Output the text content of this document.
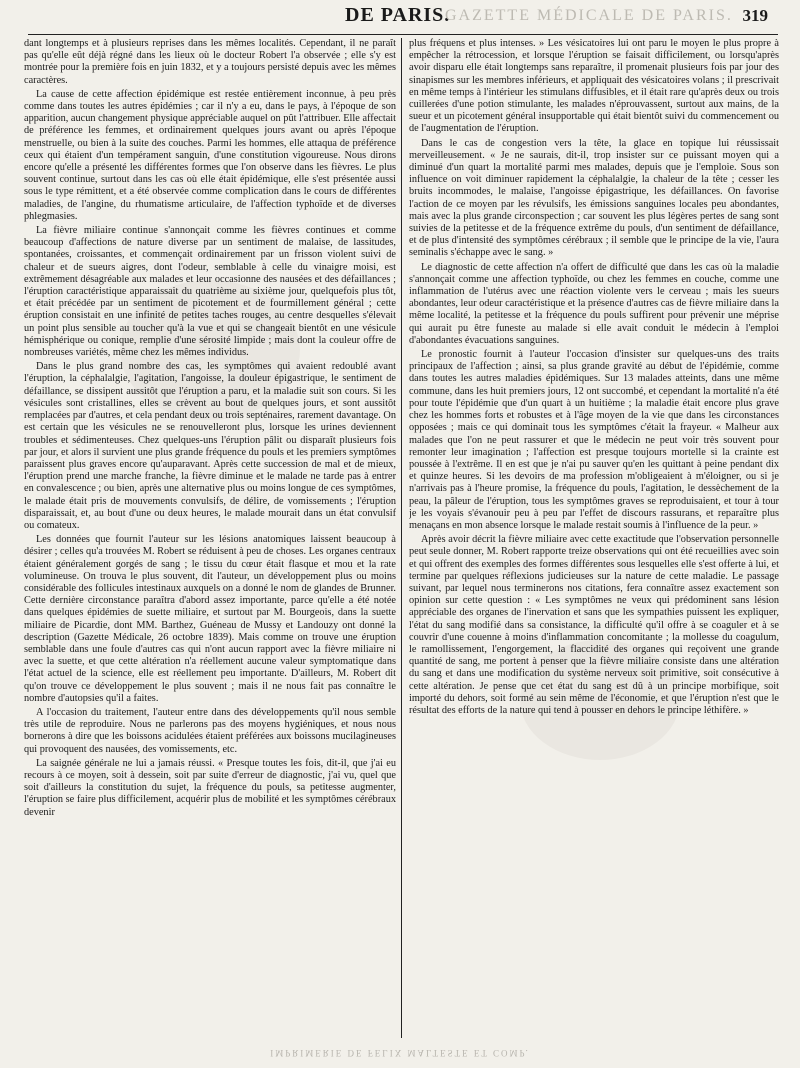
DE PARIS.
GAZETTE MÉDICALE DE PARIS. 319

dant longtemps et à plusieurs reprises dans les mêmes localités. Cependant, il ne paraît pas qu'elle eût déjà régné dans les lieux où le docteur Robert l'a observée ; elle s'y est montrée pour la première fois en juin 1832, et y a toujours persisté depuis avec les mêmes caractères.

La cause de cette affection épidémique est restée entièrement inconnue, à peu près comme dans toutes les autres épidémies ; car il n'y a eu, dans le pays, à l'époque de son apparition, aucun changement physique appréciable auquel on pût l'attribuer. Elle affectait de préférence les femmes, et ordinairement quelques jours avant ou après l'époque menstruelle, ou bien à la suite des couches. Parmi les hommes, elle attaqua de préférence ceux qui étaient d'un tempérament sanguin, d'une constitution vigoureuse. Nous dirons encore qu'elle a présenté les différentes formes que l'on observe dans les fièvres. Le plus souvent continue, surtout dans les cas où elle était épidémique, elle s'est présentée aussi sous le type rémittent, et a été observée comme complication dans le cours de différentes maladies, de l'angine, du rhumatisme articulaire, de l'affection typhoïde et de diverses phlegmasies.

La fièvre miliaire continue s'annonçait comme les fièvres continues et comme beaucoup d'affections de nature diverse par un sentiment de malaise, de lassitudes, spontanées, croissantes, et commençait ordinairement par un frisson violent suivi de chaleur et de sueurs aigres, dont l'odeur, semblable à celle du vinaigre moisi, est extrêmement désagréable aux malades et leur occasionne des nausées et des défaillances ; l'éruption caractéristique apparaissait du quatrième au sixième jour, quelquefois plus tôt, et était précédée par un sentiment de picotement et de fourmillement général ; cette éruption consistait en une infinité de petites taches rouges, au centre desquelles s'élevait un point plus sensible au toucher qu'à la vue et qui se changeait bientôt en une vésicule hémisphérique ou conique, remplie d'une sérosité limpide ; mais dont la couleur offre de nombreuses variétés, même chez les mêmes individus.

Dans le plus grand nombre des cas, les symptômes qui avaient redoublé avant l'éruption, la céphalalgie, l'agitation, l'angoisse, la douleur épigastrique, le sentiment de défaillance, se dissipent aussitôt que l'éruption a paru, et la maladie suit son cours. Si les vésicules sont cristallines, elles se crèvent au bout de quelques jours, et sont aussitôt remplacées par d'autres, et cela pendant deux ou trois septénaires, rarement davantage. On est certain que les vésicules ne se renouvelleront plus, lorsque les urines deviennent troubles et sédimenteuses. Chez quelques-uns l'éruption pâlit ou disparaît plusieurs fois par jour, et alors il survient une plus grande fréquence du pouls et les premiers symptômes paraissent plus graves encore qu'auparavant. Après cette succession de mal et de mieux, l'éruption prend une marche franche, la fièvre diminue et le malade ne tarde pas à entrer en convalescence ; ou bien, après une alternative plus ou moins longue de ces symptômes, le malade était pris de mouvements convulsifs, de délire, de vomissements ; l'éruption disparaissait, et, au bout d'une ou deux heures, le malade mourait dans un état convulsif ou comateux.

Les données que fournit l'auteur sur les lésions anatomiques laissent beaucoup à désirer ; celles qu'a trouvées M. Robert se réduisent à peu de choses. Les organes centraux étaient généralement gorgés de sang ; le tissu du cœur était flasque et mou et la rate volumineuse. On trouva le plus souvent, dit l'auteur, un développement plus ou moins considérable des follicules intestinaux auxquels on a donné le nom de glandes de Brunner. Cette dernière circonstance paraîtra d'abord assez importante, parce qu'elle a été notée dans quelques épidémies de suette miliaire, et surtout par M. Bourgeois, dans la suette miliaire de Picardie, dont MM. Barthez, Guéneau de Mussy et Landouzy ont donné la description (Gazette Médicale, 26 octobre 1839). Mais comme on trouve une éruption semblable dans une foule d'autres cas qui n'ont aucun rapport avec la fièvre miliaire ni avec la suette, et que cette altération n'a réellement aucune valeur symptomatique dans l'état actuel de la science, elle est réellement peu importante. D'ailleurs, M. Robert dit qu'on trouve ce développement le plus souvent ; mais il ne nous fait pas connaître le nombre d'autopsies qu'il a faites.

A l'occasion du traitement, l'auteur entre dans des développements qu'il nous semble très utile de reproduire. Nous ne parlerons pas des moyens hygiéniques, et nous nous bornerons à dire que les boissons acidulées étaient préférées aux boissons mucilagineuses qui provoquent des nausées, des vomissements, etc.

La saignée générale ne lui a jamais réussi. « Presque toutes les fois, dit-il, que j'ai eu recours à ce moyen, soit à dessein, soit par suite d'erreur de diagnostic, j'ai vu, quel que soit d'ailleurs la constitution du sujet, la fréquence du pouls, sa petitesse augmenter, l'éruption se faire plus difficilement, acquérir plus de mobilité et les symptômes cérébraux devenir

plus fréquens et plus intenses. » Les vésicatoires lui ont paru le moyen le plus propre à empêcher la rétrocession, et lorsque l'éruption se faisait difficilement, ou lorsqu'après avoir disparu elle était longtemps sans reparaître, il promenait plusieurs fois par jour des sinapismes sur les membres inférieurs, et appliquait des vésicatoires volans ; il prescrivait en même temps à l'intérieur les stimulans diffusibles, et il était rare qu'après deux ou trois cuillerées d'une potion stimulante, les malades n'éprouvassent, surtout aux mains, de la sueur et un picotement général insupportable qui était bientôt suivi du commencement ou de l'augmentation de l'éruption.

Dans le cas de congestion vers la tête, la glace en topique lui réussissait merveilleusement. « Je ne saurais, dit-il, trop insister sur ce puissant moyen qui a diminué d'un quart la mortalité parmi mes malades, depuis que je l'emploie. Sous son influence on voit diminuer rapidement la céphalalgie, la chaleur de la tête ; cesser les bruits incommodes, le malaise, l'angoisse épigastrique, les défaillances. On favorise l'action de ce moyen par les révulsifs, les émissions sanguines locales peu abondantes, mais avec la plus grande circonspection ; car souvent les plus légères pertes de sang sont suivies de la petitesse et de la fréquence extrême du pouls, d'un sentiment de défaillance, et de plus d'intensité des symptômes cérébraux ; il semble que le principe de la vie, l'aura seminalis s'échappe avec le sang. »

Le diagnostic de cette affection n'a offert de difficulté que dans les cas où la maladie s'annonçait comme une affection typhoïde, ou chez les femmes en couche, comme une inflammation de l'utérus avec une réaction violente vers le cerveau ; mais les sueurs abondantes, leur odeur caractéristique et la présence d'autres cas de fièvre miliaire dans la même localité, la petitesse et la fréquence du pouls suffirent pour prévenir une méprise qui aurait pu être funeste au malade si elle avait conduit le médecin à l'emploi d'abondantes évacuations sanguines.

Le pronostic fournit à l'auteur l'occasion d'insister sur quelques-uns des traits principaux de l'affection ; ainsi, sa plus grande gravité au début de l'épidémie, comme dans toutes les autres maladies épidémiques. Sur 13 malades atteints, dans une même commune, dans les huit premiers jours, 12 ont succombé, et cependant la mortalité n'a été pour toute l'épidémie que d'un quart à un huitième ; la maladie était encore plus grave chez les hommes forts et robustes et à l'âge moyen de la vie que dans les circonstances opposées ; mais ce qui dominait tous les symptômes c'était la frayeur. « Malheur aux malades que l'on ne peut rassurer et que le médecin ne peut voir très souvent pour remonter leur imagination ; l'affection est presque toujours mortelle si la crainte est poussée à l'extrême. Il en est que je n'ai pu sauver qu'en les quittant à peine pendant dix et quinze heures. Si les devoirs de ma profession m'obligeaient à m'éloigner, ou si je n'arrivais pas à l'heure promise, la fréquence du pouls, l'agitation, le dessèchement de la peau, la pâleur de l'éruption, tous les symptômes graves se reproduisaient, et tour à tour je les voyais s'évanouir peu à peu par l'effet de discours rassurans, et reparaître plus menaçans en mon absence lorsque le malade restait soumis à l'influence de la peur. »

Après avoir décrit la fièvre miliaire avec cette exactitude que l'observation personnelle peut seule donner, M. Robert rapporte treize observations qui ont été recueillies avec soin et qui offrent des exemples des formes différentes sous lesquelles elle s'est offerte à lui, et termine par quelques réflexions judicieuses sur la nature de cette maladie. Le passage suivant, par lequel nous terminerons nos citations, fera connaître assez exactement son opinion sur cette question : « Les symptômes ne veux qui prédominent sans lésion appréciable des organes de l'inervation et sans que les sympathies puissent les expliquer, l'état du sang modifié dans sa consistance, la difficulté qu'il offre à se coaguler et à se couvrir d'une couenne à moins d'inflammation concomitante ; la mollesse du coagulum, le ramollissement, l'engorgement, la flaccidité des organes qui reçoivent une grande quantité de sang, me portent à penser que la fièvre miliaire consiste dans une altération du sang et dans une modification du système nerveux soit primitive, soit consécutive à cette altération. Je pense que cet état du sang est dû à un principe morbifique, soit importé du dehors, soit formé au sein même de l'économie, et que l'éruption n'est que le résultat des efforts de la nature qui tend à pousser en dehors le principe léthifère. »

IMPRIMERIE DE FELIX MALTESTE ET COMP.
